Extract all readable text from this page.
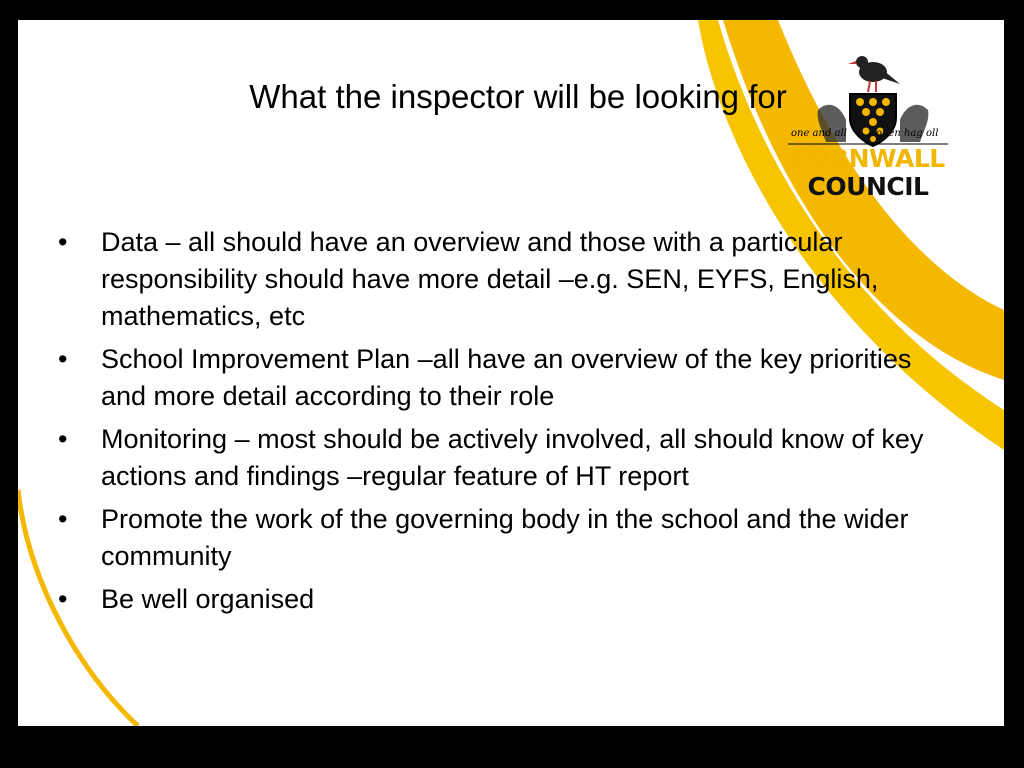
What the inspector will be looking for
•	Data – all should have an overview and those with a particular responsibility should have more detail –e.g. SEN, EYFS, English, mathematics, etc
•	School Improvement Plan –all have an overview of the key priorities and more detail according to their role
•	Monitoring – most should be actively involved, all should know of key actions and findings –regular feature of HT report
•	Promote the work of the governing body in the school and the wider community
•	Be well organised
one and all	onen hag oll
CORNWALL
COUNCIL
